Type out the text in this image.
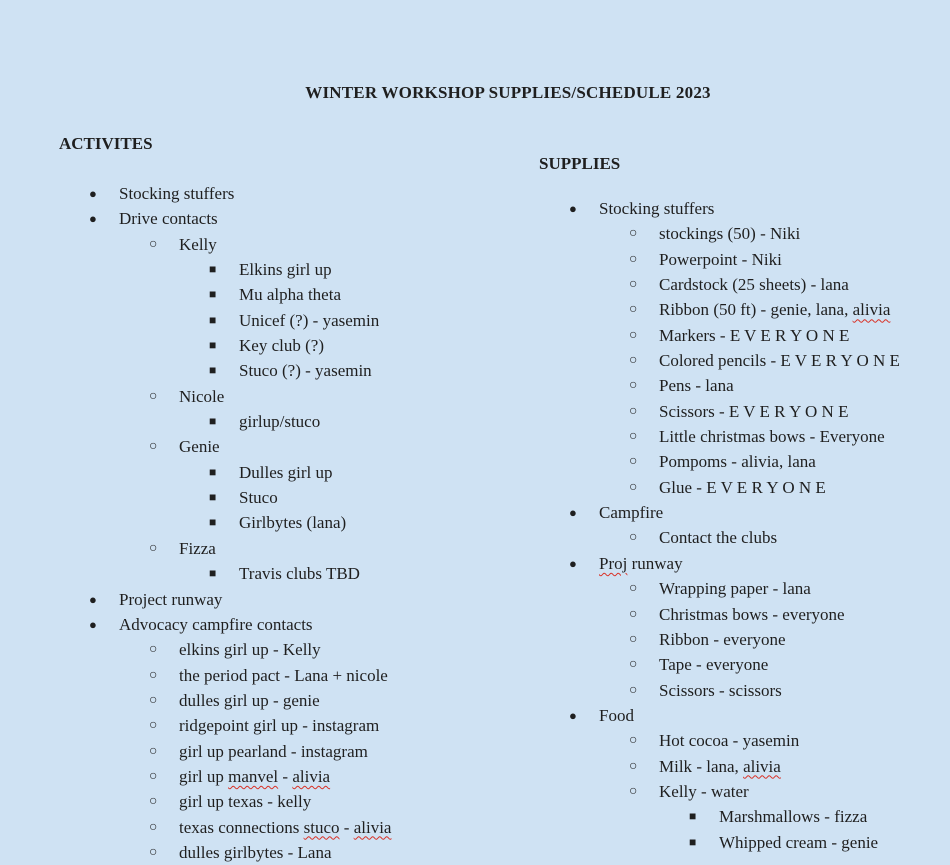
WINTER WORKSHOP SUPPLIES/SCHEDULE 2023
ACTIVITES
● Stocking stuffers
● Drive contacts
○ Kelly
■ Elkins girl up
■ Mu alpha theta
■ Unicef (?) - yasemin
■ Key club (?)
■ Stuco (?) - yasemin
○ Nicole
■ girlup/stuco
○ Genie
■ Dulles girl up
■ Stuco
■ Girlbytes (lana)
○ Fizza
■ Travis clubs TBD
● Project runway
● Advocacy campfire contacts
○ elkins girl up - Kelly
○ the period pact - Lana + nicole
○ dulles girl up - genie
○ ridgepoint girl up - instagram
○ girl up pearland - instagram
○ girl up manvel - alivia
○ girl up texas - kelly
○ texas connections stuco - alivia
○ dulles girlbytes - Lana
SUPPLIES
● Stocking stuffers
○ stockings (50) - Niki
○ Powerpoint - Niki
○ Cardstock (25 sheets) - lana
○ Ribbon (50 ft) - genie, lana, alivia
○ Markers - E V E R Y O N E
○ Colored pencils - E V E R Y O N E
○ Pens - lana
○ Scissors - E V E R Y O N E
○ Little christmas bows - Everyone
○ Pompoms - alivia, lana
○ Glue - E V E R Y O N E
● Campfire
○ Contact the clubs
● Proj runway
○ Wrapping paper - lana
○ Christmas bows - everyone
○ Ribbon - everyone
○ Tape - everyone
○ Scissors - scissors
● Food
○ Hot cocoa - yasemin
○ Milk - lana, alivia
○ Kelly - water
■ Marshmallows - fizza
■ Whipped cream - genie
